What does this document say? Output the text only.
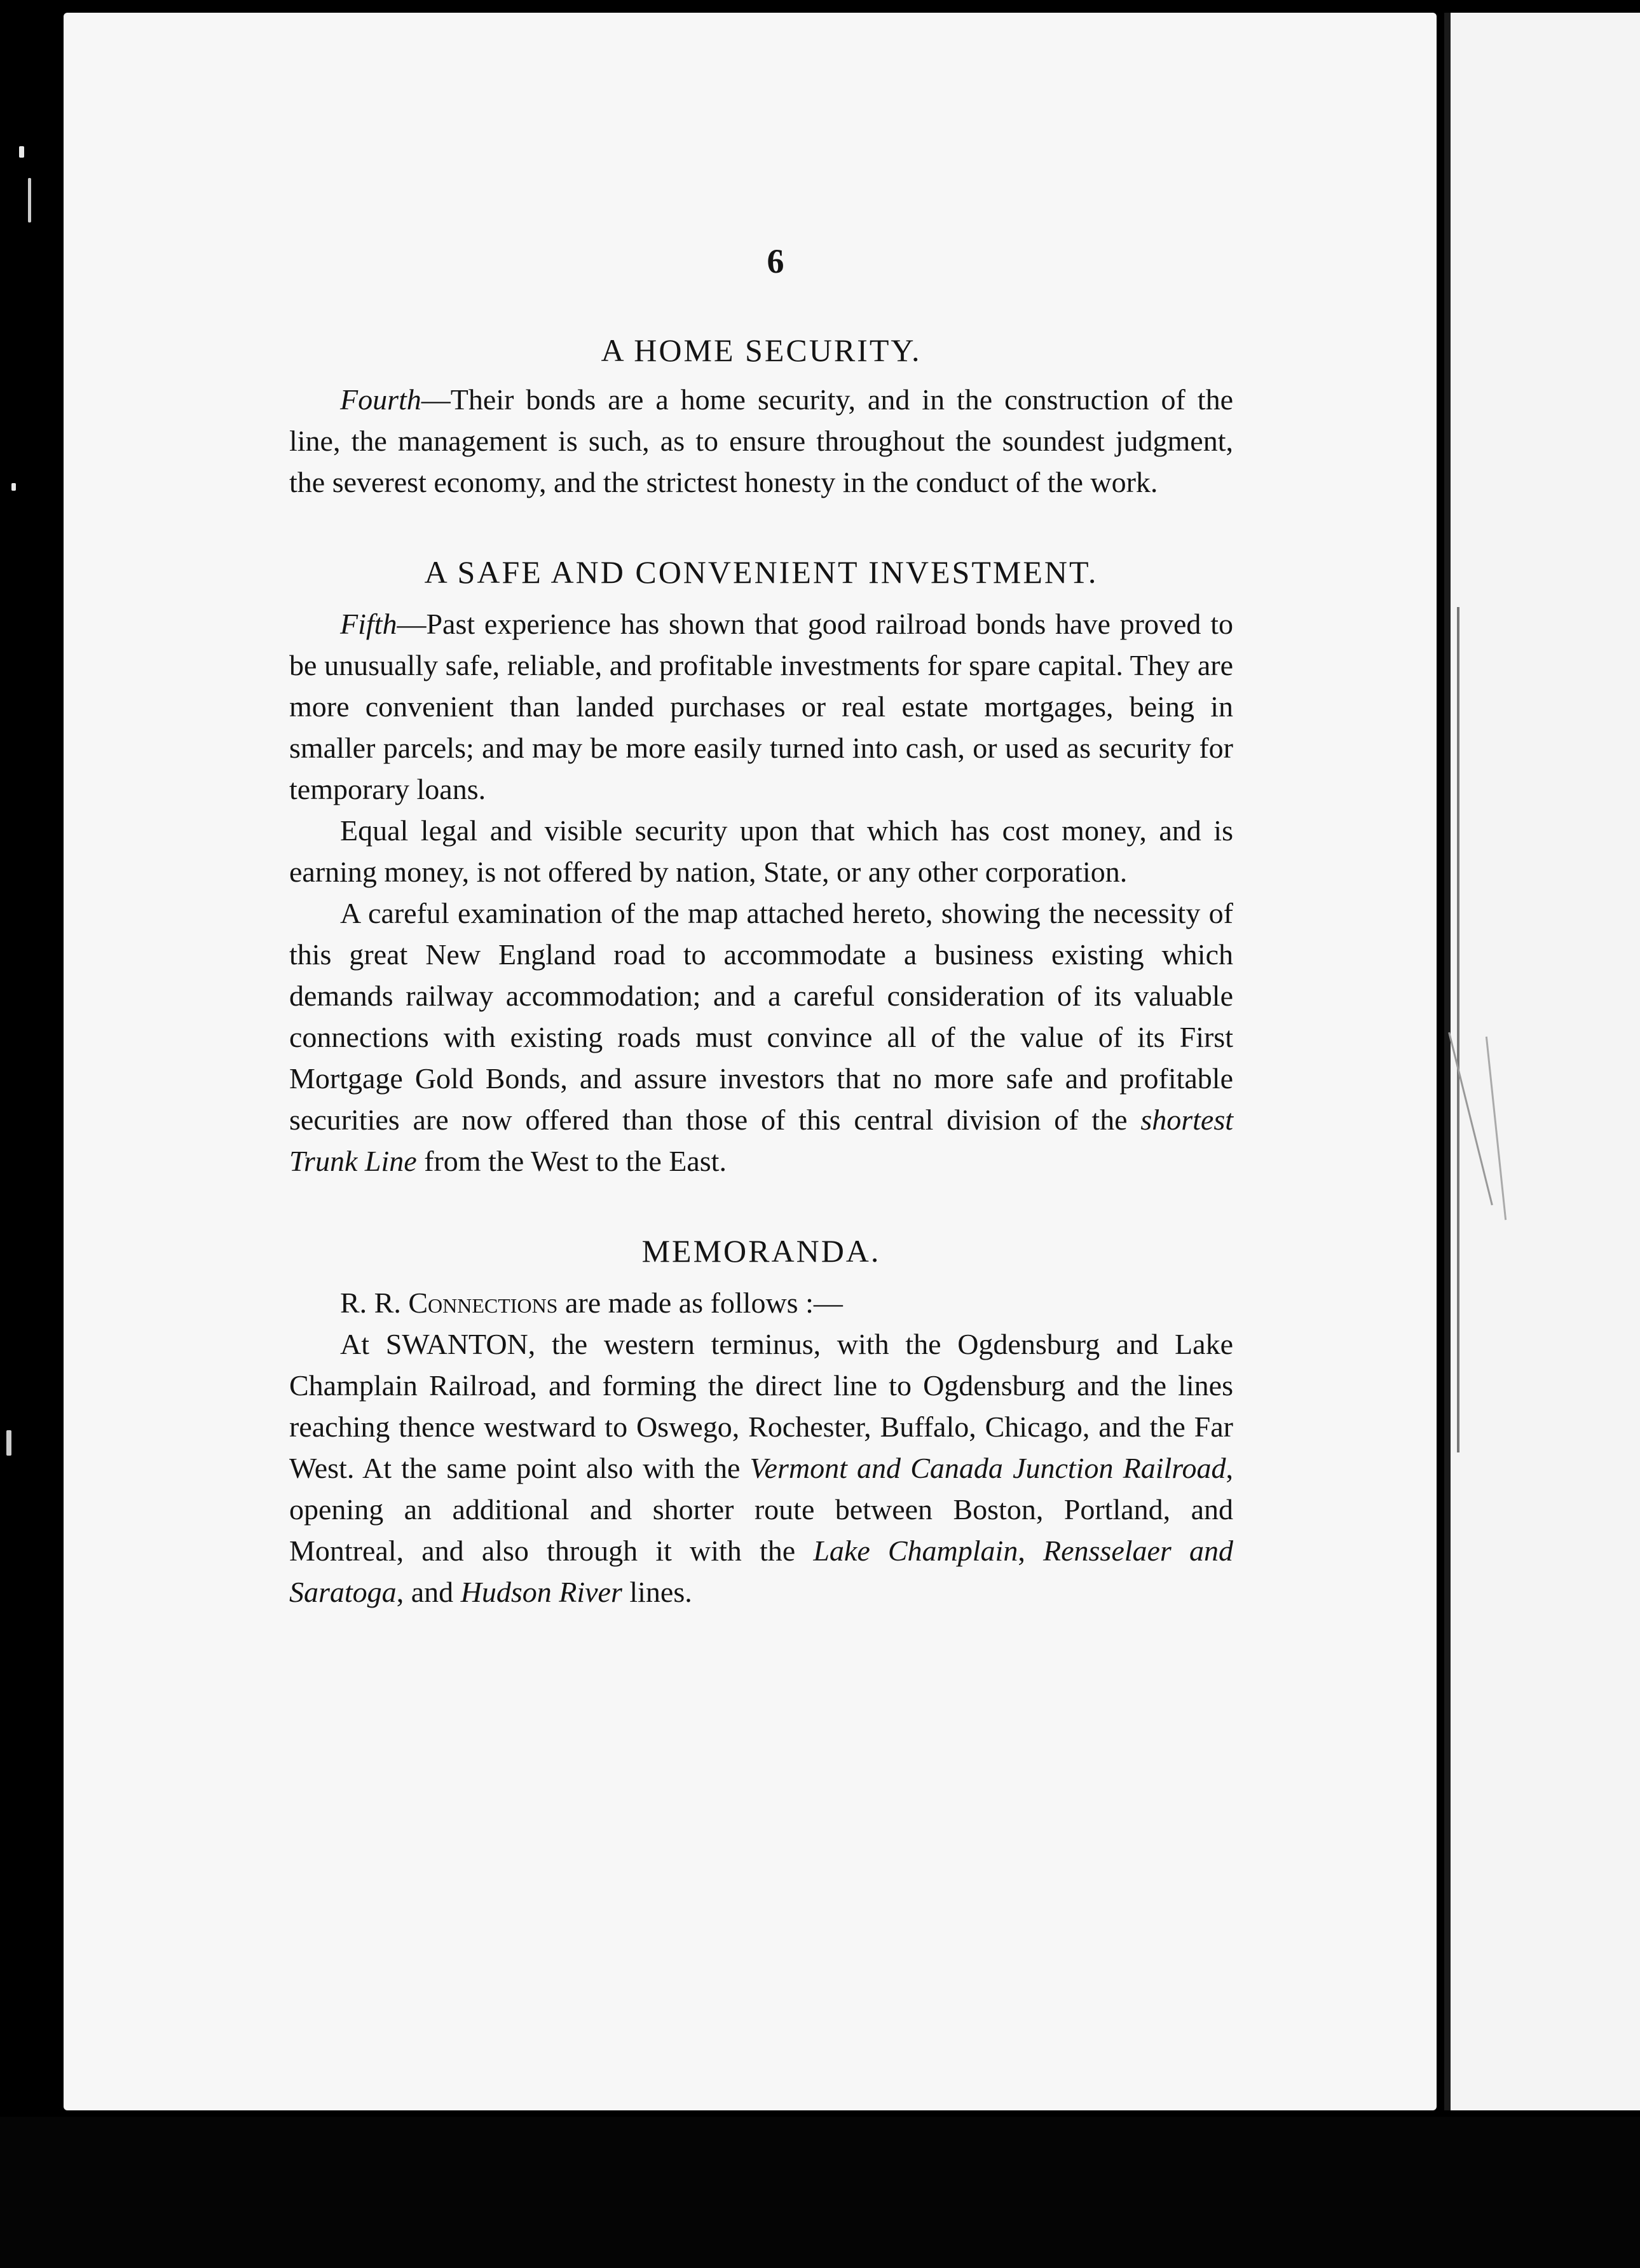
6
A HOME SECURITY.

Fourth—Their bonds are a home security, and in the construction of the line, the management is such, as to ensure throughout the soundest judgment, the severest economy, and the strictest honesty in the conduct of the work.

A SAFE AND CONVENIENT INVESTMENT.

Fifth—Past experience has shown that good railroad bonds have proved to be unusually safe, reliable, and profitable investments for spare capital. They are more convenient than landed purchases or real estate mortgages, being in smaller parcels; and may be more easily turned into cash, or used as security for temporary loans.

Equal legal and visible security upon that which has cost money, and is earning money, is not offered by nation, State, or any other corporation.

A careful examination of the map attached hereto, showing the necessity of this great New England road to accommodate a business existing which demands railway accommodation; and a careful consideration of its valuable connections with existing roads must convince all of the value of its First Mortgage Gold Bonds, and assure investors that no more safe and profitable securities are now offered than those of this central division of the shortest Trunk Line from the West to the East.

MEMORANDA.

R. R. Connections are made as follows :—

At SWANTON, the western terminus, with the Ogdensburg and Lake Champlain Railroad, and forming the direct line to Ogdensburg and the lines reaching thence westward to Oswego, Rochester, Buffalo, Chicago, and the Far West. At the same point also with the Vermont and Canada Junction Railroad, opening an additional and shorter route between Boston, Portland, and Montreal, and also through it with the Lake Champlain, Rensselaer and Saratoga, and Hudson River lines.
